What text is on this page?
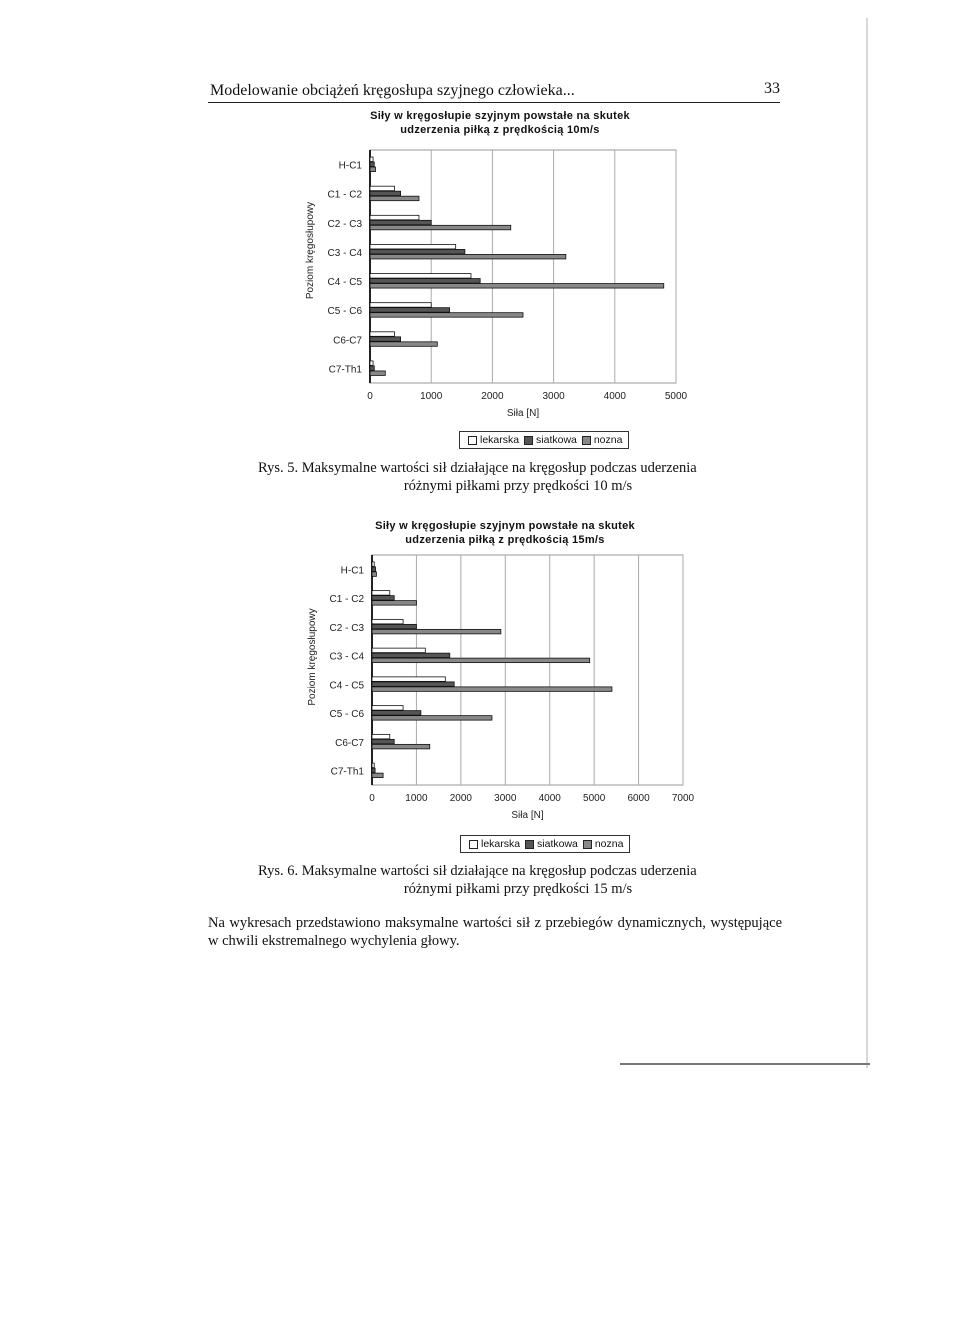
Modelowanie obciążeń kręgosłupa szyjnego człowieka...	33
Siły w kręgosłupie szyjnym powstałe na skutek
udzerzenia piłką z prędkością 10m/s
0	1000	2000	3000	4000	5000
H-C1
C1 - C2
C2 - C3
C3 - C4
C4 - C5
C5 - C6
C6-C7
C7-Th1
Siła [N]
Poziom kręgosłupowy
lekarska siatkowa nozna
Rys. 5. Maksymalne wartości sił działające na kręgosłup podczas uderzenia
różnymi piłkami przy prędkości 10 m/s
Siły w kręgosłupie szyjnym powstałe na skutek
udzerzenia piłką z prędkością 15m/s
0	1000 2000 3000 4000 5000 6000 7000
H-C1
C1 - C2
C2 - C3
C3 - C4
C4 - C5
C5 - C6
C6-C7
C7-Th1
Siła [N]
Poziom kręgosłupowy
lekarska siatkowa nozna
Rys. 6. Maksymalne wartości sił działające na kręgosłup podczas uderzenia
różnymi piłkami przy prędkości 15 m/s
Na wykresach przedstawiono maksymalne wartości sił z przebiegów dynamicznych, występujące w chwili ekstremalnego wychylenia głowy.
